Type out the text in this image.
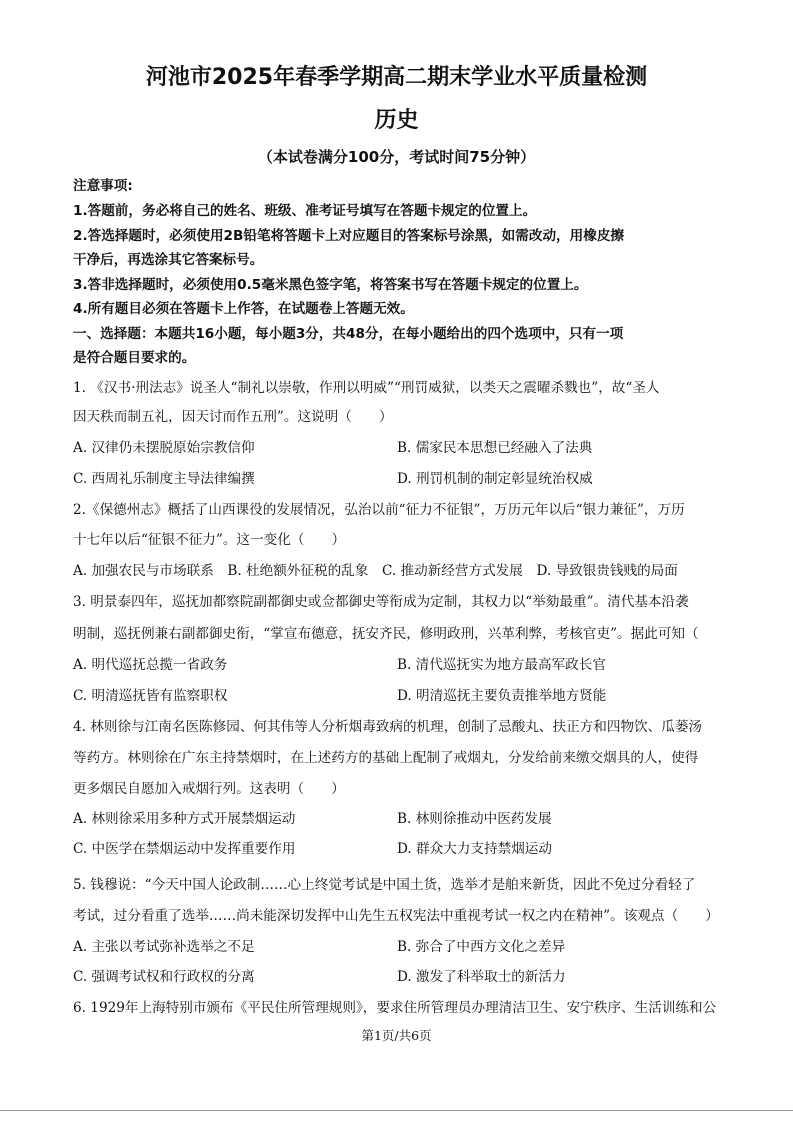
河池市2025年春季学期高二期末学业水平质量检测
历史
（本试卷满分100分，考试时间75分钟）
注意事项:
1.答题前，务必将自己的姓名、班级、准考证号填写在答题卡规定的位置上。
2.答选择题时，必须使用2B铅笔将答题卡上对应题目的答案标号涂黑，如需改动，用橡皮擦
干净后，再选涂其它答案标号。
3.答非选择题时，必须使用0.5毫米黑色签字笔，将答案书写在答题卡规定的位置上。
4.所有题目必须在答题卡上作答，在试题卷上答题无效。
一、选择题：本题共16小题，每小题3分，共48分，在每小题给出的四个选项中，只有一项
是符合题目要求的。
1. 《汉书·刑法志》说圣人“制礼以崇敬，作刑以明威”“刑罚威狱，以类天之震曜杀戮也”，故“圣人
因天秩而制五礼，因天讨而作五刑”。这说明（　　）
A. 汉律仍未摆脱原始宗教信仰	B. 儒家民本思想已经融入了法典
C. 西周礼乐制度主导法律编撰	D. 刑罚机制的制定彰显统治权威
2.《保德州志》概括了山西课役的发展情况，弘治以前“征力不征银”，万历元年以后“银力兼征”，万历
十七年以后“征银不征力”。这一变化（　　）
A. 加强农民与市场联系　B. 杜绝额外征税的乱象　C. 推动新经营方式发展　D. 导致银贵钱贱的局面
3. 明景泰四年，巡抚加都察院副都御史或佥都御史等衔成为定制，其权力以“举劾最重”。清代基本沿袭
明制，巡抚例兼右副都御史衔，“掌宣布德意，抚安齐民，修明政刑，兴革利弊，考核官吏”。据此可知（
A. 明代巡抚总揽一省政务	B. 清代巡抚实为地方最高军政长官
C. 明清巡抚皆有监察职权	D. 明清巡抚主要负责推举地方贤能
4. 林则徐与江南名医陈修园、何其伟等人分析烟毒致病的机理，创制了忌酸丸、扶正方和四物饮、瓜蒌汤
等药方。林则徐在广东主持禁烟时，在上述药方的基础上配制了戒烟丸，分发给前来缴交烟具的人，使得
更多烟民自愿加入戒烟行列。这表明（　　）
A. 林则徐采用多种方式开展禁烟运动	B. 林则徐推动中医药发展
C. 中医学在禁烟运动中发挥重要作用	D. 群众大力支持禁烟运动
5. 钱穆说：“今天中国人论政制……心上终觉考试是中国土货，选举才是舶来新货，因此不免过分看轻了
考试，过分看重了选举……尚未能深切发挥中山先生五权宪法中重视考试一权之内在精神”。该观点（　　）
A. 主张以考试弥补选举之不足	B. 弥合了中西方文化之差异
C. 强调考试权和行政权的分离	D. 激发了科举取士的新活力
6. 1929年上海特别市颁布《平民住所管理规则》，要求住所管理员办理清洁卫生、安宁秩序、生活训练和公
第1页/共6页
